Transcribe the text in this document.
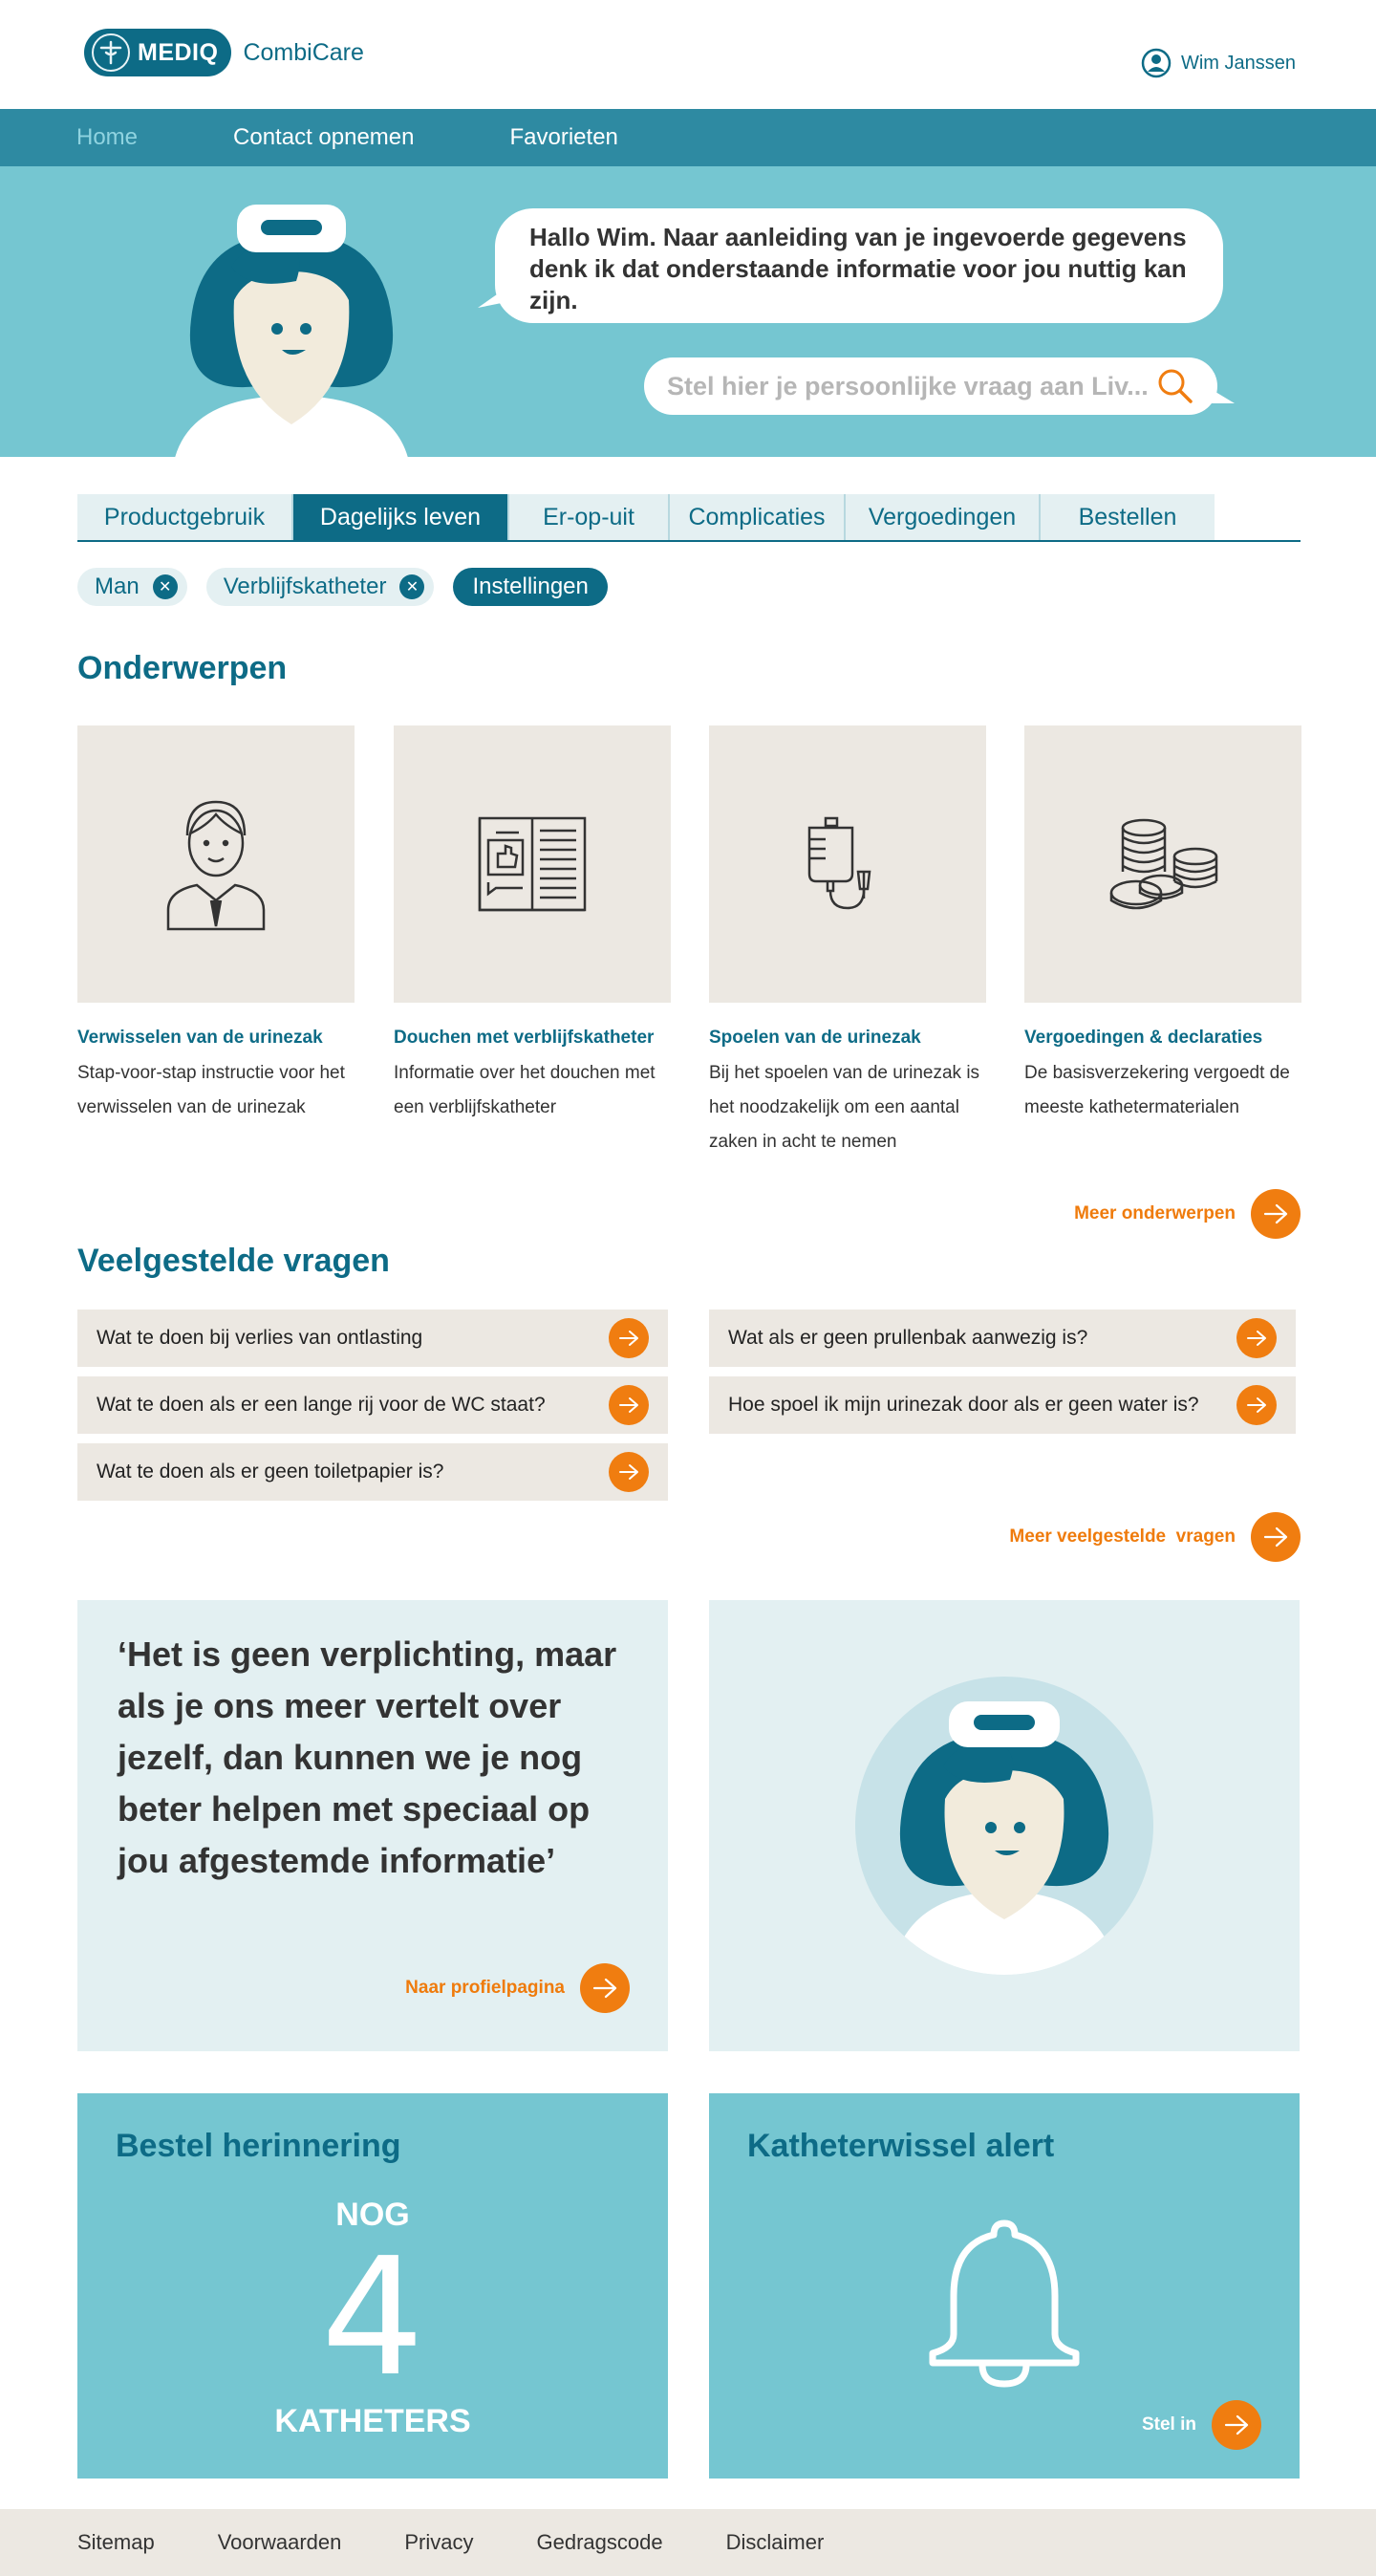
MEDIQ CombiCare	Wim Janssen
Home	Contact opnemen	Favorieten
Hallo Wim. Naar aanleiding van je ingevoerde gegevens denk ik dat onderstaande informatie voor jou nuttig kan zijn.
Stel hier je persoonlijke vraag aan Liv...
Productgebruik	Dagelijks leven	Er-op-uit	Complicaties	Vergoedingen	Bestellen
Man	✕ Verblijfskatheter	✕ Instellingen
Onderwerpen
Verwisselen van de urinezak
Stap-voor-stap instructie voor het verwisselen van de urinezak
Douchen met verblijfskatheter
Informatie over het douchen met een verblijfskatheter
Spoelen van de urinezak
Bij het spoelen van de urinezak is het noodzakelijk om een aantal zaken in acht te nemen
Vergoedingen & declaraties
De basisverzekering vergoedt de meeste kathetermaterialen
Meer onderwerpen
Veelgestelde vragen
Wat te doen bij verlies van ontlasting
Wat te doen als er een lange rij voor de WC staat?
Wat te doen als er geen toiletpapier is?
Wat als er geen prullenbak aanwezig is?
Hoe spoel ik mijn urinezak door als er geen water is?
Meer veelgestelde  vragen
‘Het is geen verplichting, maar als je ons meer vertelt over jezelf, dan kunnen we je nog beter helpen met speciaal op jou afgestemde informatie’
Naar profielpagina
Bestel herinnering
NOG
4
KATHETERS
Katheterwissel alert
Stel in
Sitemap	Voorwaarden	Privacy	Gedragscode	Disclaimer
